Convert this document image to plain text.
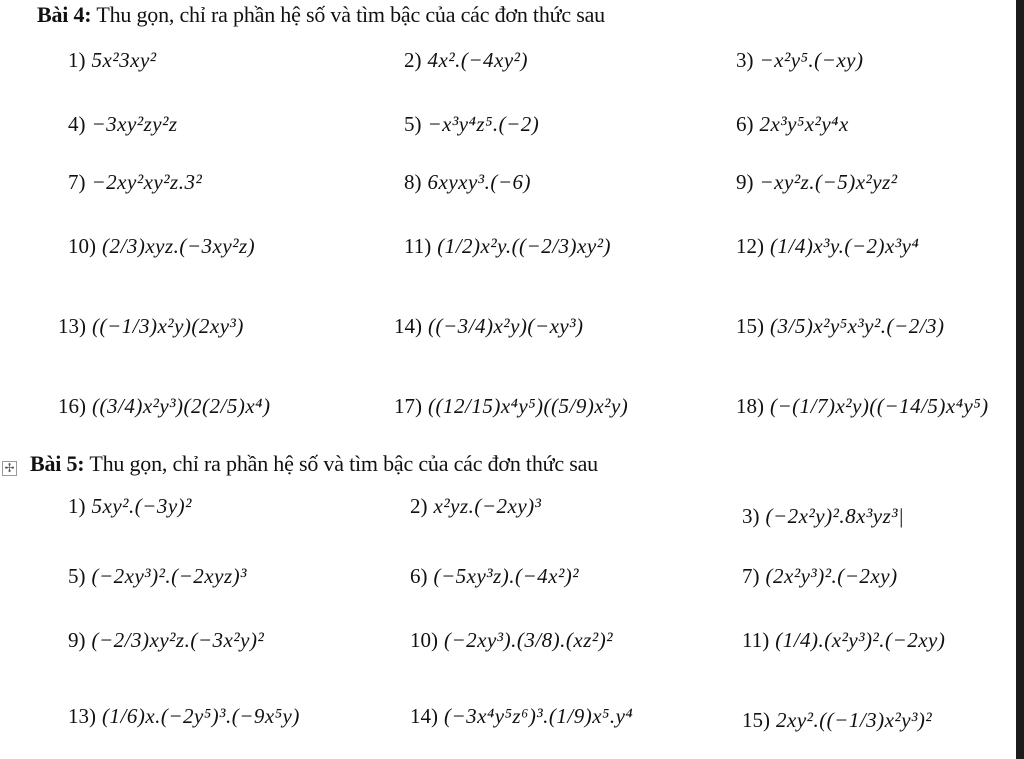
Bài 4: Thu gọn, chỉ ra phần hệ số và tìm bậc của các đơn thức sau
1) 5x²3xy²	2) 4x².(−4xy²)	3) −x²y⁵.(−xy)
4) −3xy²zy²z	5) −x³y⁴z⁵.(−2)	6) 2x³y⁵x²y⁴x
7) −2xy²xy²z.3²	8) 6xyxy³.(−6)	9) −xy²z.(−5)x²yz²
10) (2/3)xyz.(−3xy²z)	11) (1/2)x²y.((−2/3)xy²)	12) (1/4)x³y.(−2)x³y⁴
13) ((−1/3)x²y)(2xy³)	14) ((−3/4)x²y)(−xy³)	15) (3/5)x²y⁵x³y².(−2/3)
16) ((3/4)x²y³)(2(2/5)x⁴)	17) ((12/15)x⁴y⁵)((5/9)x²y)	18) (−(1/7)x²y)((−14/5)x⁴y⁵)
✢ Bài 5: Thu gọn, chỉ ra phần hệ số và tìm bậc của các đơn thức sau
1) 5xy².(−3y)²	2) x²yz.(−2xy)³	3) (−2x²y)².8x³yz³|
5) (−2xy³)².(−2xyz)³	6) (−5xy³z).(−4x²)²	7) (2x²y³)².(−2xy)
9) (−2/3)xy²z.(−3x²y)²	10) (−2xy³).(3/8).(xz²)²	11) (1/4).(x²y³)².(−2xy)
13) (1/6)x.(−2y⁵)³.(−9x⁵y)	14) (−3x⁴y⁵z⁶)³.(1/9)x⁵.y⁴	15) 2xy².((−1/3)x²y³)²
